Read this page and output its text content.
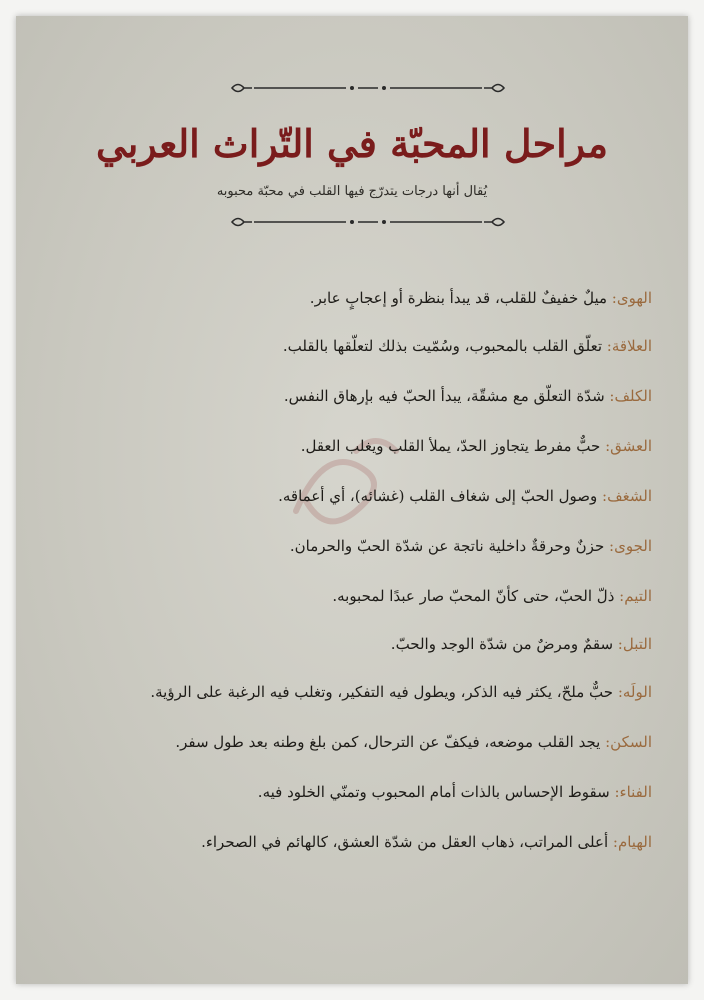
مراحل المحبّة في التّراث العربي

يُقال أنها درجات يتدرّج فيها القلب في محبّة محبوبه

الهوى: ميلٌ خفيفٌ للقلب، قد يبدأ بنظرة أو إعجابٍ عابر.
العلاقة: تعلّق القلب بالمحبوب، وسُمّيت بذلك لتعلّقها بالقلب.
الكلف: شدّة التعلّق مع مشقّة، يبدأ الحبّ فيه بإرهاق النفس.
العشق: حبٌّ مفرط يتجاوز الحدّ، يملأ القلب ويغلب العقل.
الشغف: وصول الحبّ إلى شغاف القلب (غشائه)، أي أعماقه.
الجوى: حزنٌ وحرقةٌ داخلية ناتجة عن شدّة الحبّ والحرمان.
التيم: ذلّ الحبّ، حتى كأنّ المحبّ صار عبدًا لمحبوبه.
التبل: سقمٌ ومرضٌ من شدّة الوجد والحبّ.
الولَه: حبٌّ ملحّ، يكثر فيه الذكر، ويطول فيه التفكير، وتغلب فيه الرغبة على الرؤية.
السكن: يجد القلب موضعه، فيكفّ عن الترحال، كمن بلغ وطنه بعد طول سفر.
الفناء: سقوط الإحساس بالذات أمام المحبوب وتمنّي الخلود فيه.
الهيام: أعلى المراتب، ذهاب العقل من شدّة العشق، كالهائم في الصحراء.
